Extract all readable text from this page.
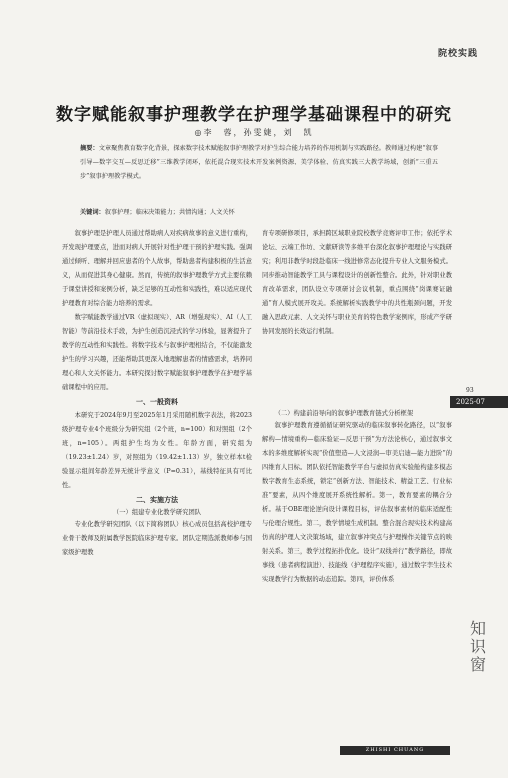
院校实践
数字赋能叙事护理教学在护理学基础课程中的研究
◎李　蓉，孙雯婕，刘　凯
摘要：文章聚焦教育数字化背景，探索数字技术赋能叙事护理教学对护生综合能力培养的作用机制与实践路径。教师通过构建“叙事引导—数字交互—反思迁移”三维教学闭环，依托混合现实技术开发案例资源、美学体验、仿真实践三大教学场域，创新“三重五步”叙事护理教学模式。
关键词：叙事护理；临床决策能力；共情沟通；人文关怀

叙事护理是护理人员通过帮助病人对疾病故事的意义进行重构，开发现护理要点，进而对病人开展针对性护理干预的护理实践。强调通过倾听、理解并回应患者的个人故事，帮助患者构建积极的生活意义，从而促进其身心健康。然而，传统的叙事护理教学方式主要依赖于课堂讲授和案例分析，缺乏足够的互动性和实践性，难以适应现代护理教育对综合能力培养的需求。

数字赋能教学通过VR（虚拟现实）、AR（增强现实）、AI（人工智能）等前沿技术手段，为护生创造沉浸式的学习体验，显著提升了教学的互动性和实践性。将数字技术与叙事护理相结合，不仅能激发护生的学习兴趣，还能帮助其更深入地理解患者的情感需求，培养同理心和人文关怀能力。本研究探讨数字赋能叙事护理教学在护理学基础课程中的应用。

一、一般资料

本研究于2024年9月至2025年1月采用随机数字表法，将2023级护理专业4个班级分为研究组（2个班，n=100）和对照组（2个班，n=105）。两组护生均为女性。年龄方面，研究组为（19.23±1.24）岁，对照组为（19.42±1.13）岁，独立样本t检验显示组间年龄差异无统计学意义（P=0.31），基线特征具有可比性。

二、实施方法
（一）组建专业化教学研究团队

专业化教学研究团队（以下简称团队）核心成员包括高校护理专业骨干教师及附属教学医院临床护理专家。团队定期选派教师参与国家级护理教

育专项研修项目，承担跨区域职业院校教学竞赛评审工作；依托学术论坛、云端工作坊、文献研读等多维平台深化叙事护理理论与实践研究；利用非教学时段赴临床一线进修常态化提升专业人文服务模式。同步推动智能教学工具与课程设计的创新性整合。此外，针对职业教育改革需求，团队设立专项研讨会议机制，重点围绕“岗课赛证融通”育人模式展开攻关。系统解析实践教学中的共性瓶颈问题，开发融入思政元素、人文关怀与职业美育的特色教学案例库，形成产学研协同发展的长效运行机制。

（二）构建前沿导向的叙事护理教育链式分析框架

叙事护理教育遵循循证研究驱动的临床叙事转化路径，以“叙事解构—情境重构—临床验证—反思干预”为方法论核心，通过叙事文本的多维度解析实现“价值塑造—人文浸润—审美启迪—能力进阶”的四维育人目标。团队依托智能教学平台与虚拟仿真实验舱构建多模态数字教育生态系统，锁定“创新方法、智能技术、精益工艺、行业标准”要素，从四个维度展开系统性解析。第一，教育要素的耦合分析。基于OBE理论逆向设计课程目标，评估叙事素材的临床适配性与伦理合规性。第二，教学情境生成机制。整合混合现实技术构建高仿真的护理人文决策场域，建立叙事冲突点与护理操作关键节点的映射关系。第三，教学过程拓扑优化。设计“双线并行”教学路径，即故事线（患者病程演进）、技能线（护理程序实施），通过数字孪生技术实现教学行为数据的动态追踪。第四，评价体系

93
2025·07
知识窗
ZHISHI CHUANG
